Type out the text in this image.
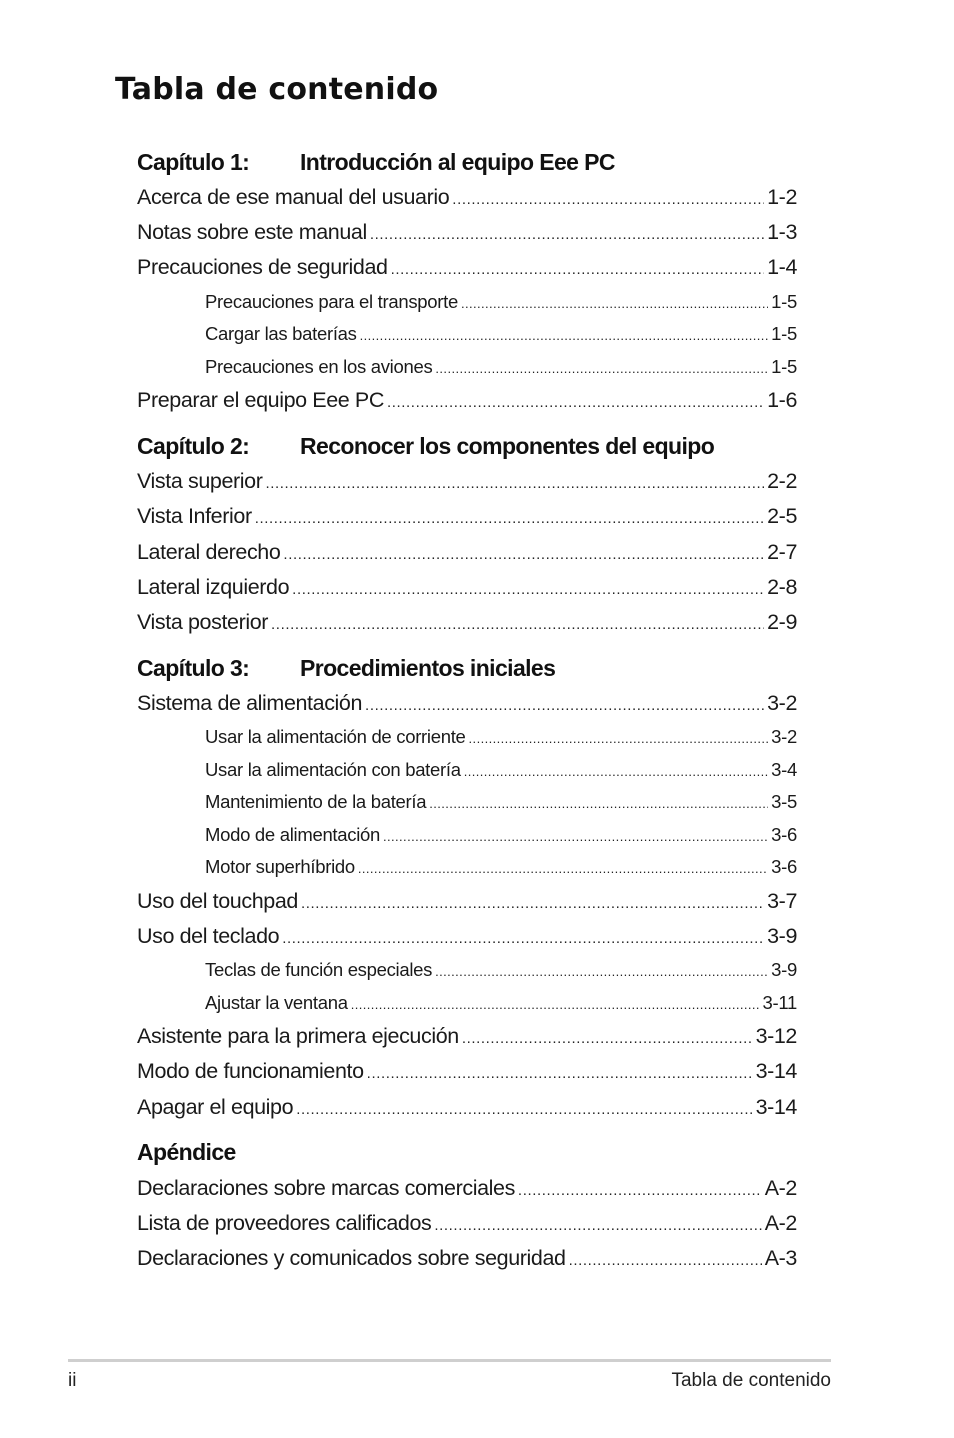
Tabla de contenido
Capítulo 1:	Introducción al equipo Eee PC
Acerca de ese manual del usuario .....	1-2
Notas sobre este manual .....	1-3
Precauciones de seguridad .....	1-4
Precauciones para el transporte .....	1-5
Cargar las baterías .....	1-5
Precauciones en los aviones .....	1-5
Preparar el equipo Eee PC .....	1-6
Capítulo 2:	Reconocer los componentes del equipo
Vista superior .....	2-2
Vista Inferior .....	2-5
Lateral derecho .....	2-7
Lateral izquierdo .....	2-8
Vista posterior .....	2-9
Capítulo 3:	Procedimientos iniciales
Sistema de alimentación .....	3-2
Usar la alimentación de corriente .....	3-2
Usar la alimentación con batería .....	3-4
Mantenimiento de la batería .....	3-5
Modo de alimentación .....	3-6
Motor superhíbrido .....	3-6
Uso del touchpad .....	3-7
Uso del teclado .....	3-9
Teclas de función especiales .....	3-9
Ajustar la ventana .....	3-11
Asistente para la primera ejecución .....	3-12
Modo de funcionamiento .....	3-14
Apagar el equipo .....	3-14
Apéndice
Declaraciones sobre marcas comerciales .....	A-2
Lista de proveedores calificados .....	A-2
Declaraciones y comunicados sobre seguridad .....	A-3
ii	Tabla de contenido
